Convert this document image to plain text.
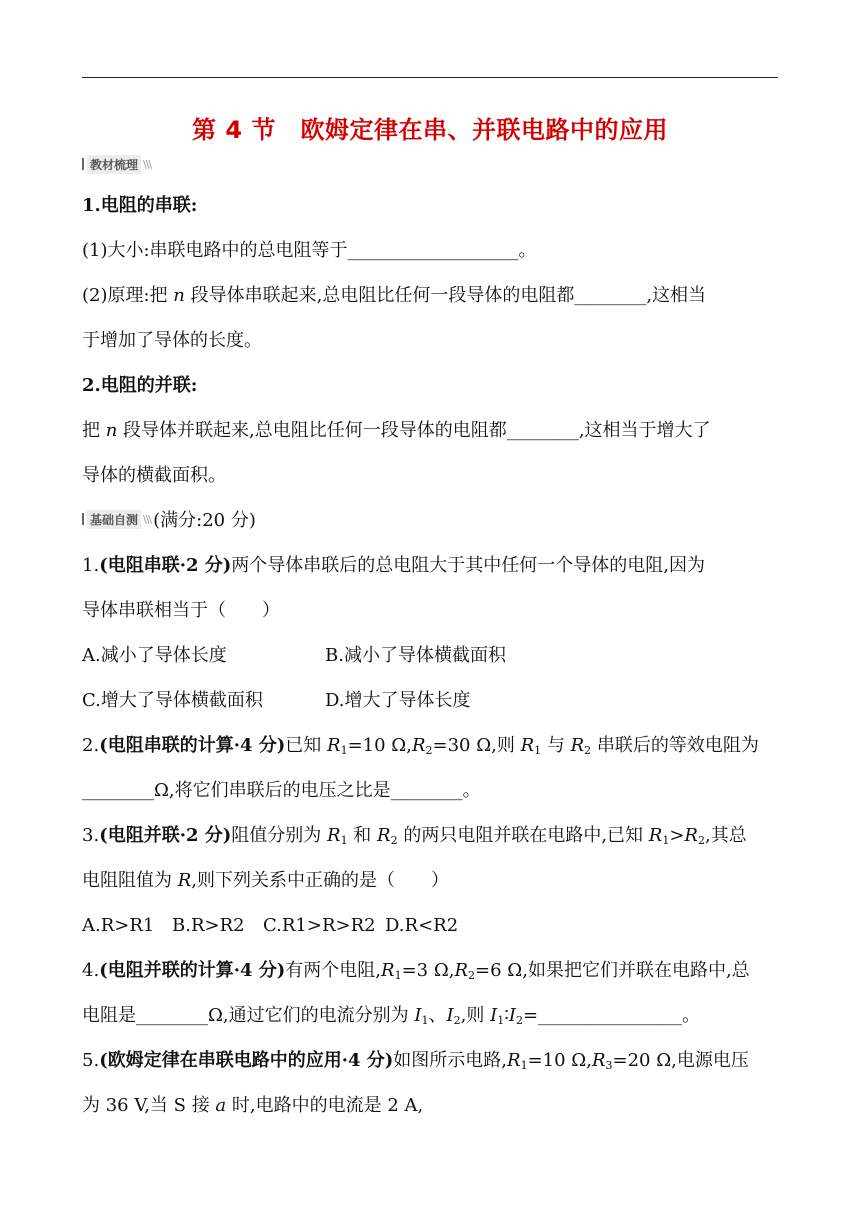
第 4 节　欧姆定律在串、并联电路中的应用
教材梳理 \\\
1.电阻的串联:
(1)大小:串联电路中的总电阻等于___________________。
(2)原理:把 n 段导体串联起来,总电阻比任何一段导体的电阻都________,这相当
于增加了导体的长度。
2.电阻的并联:
把 n 段导体并联起来,总电阻比任何一段导体的电阻都________,这相当于增大了
导体的横截面积。
基础自测 \\\ (满分:20 分)
1.(电阻串联·2 分)两个导体串联后的总电阻大于其中任何一个导体的电阻,因为
导体串联相当于（　　）
A.减小了导体长度	B.减小了导体横截面积
C.增大了导体横截面积	D.增大了导体长度
2.(电阻串联的计算·4 分)已知 $R_1=10$ $\Omega,R_2=30$ Ω,则 $R_1$ 与 $R_2$ 串联后的等效电阻为
________Ω,将它们串联后的电压之比是________。
3.(电阻并联·2 分)阻值分别为 $R_1$ 和 $R_2$ 的两只电阻并联在电路中,已知 $R_1>R_2$,其总
电阻阻值为 R,则下列关系中正确的是（　　）
A.R>R1 B.R>R2 C.R1>R>R2 D.R<R2
4.(电阻并联的计算·4 分)有两个电阻$,R_1=3$ $\Omega,R_2=6$ Ω,如果把它们并联在电路中,总
电阻是________Ω,通过它们的电流分别为 $I_1$、$I_2$,则 $I_1∶I_2=\_\_\_\_\_\_\_\_\_\_\_\_\_\_\_\_$。
5.(欧姆定律在串联电路中的应用·4 分)如图所示电路$,R_1=10$ $\Omega,R_3=20$ Ω,电源电压
为 36 V,当 S 接 a 时,电路中的电流是 2 A,
